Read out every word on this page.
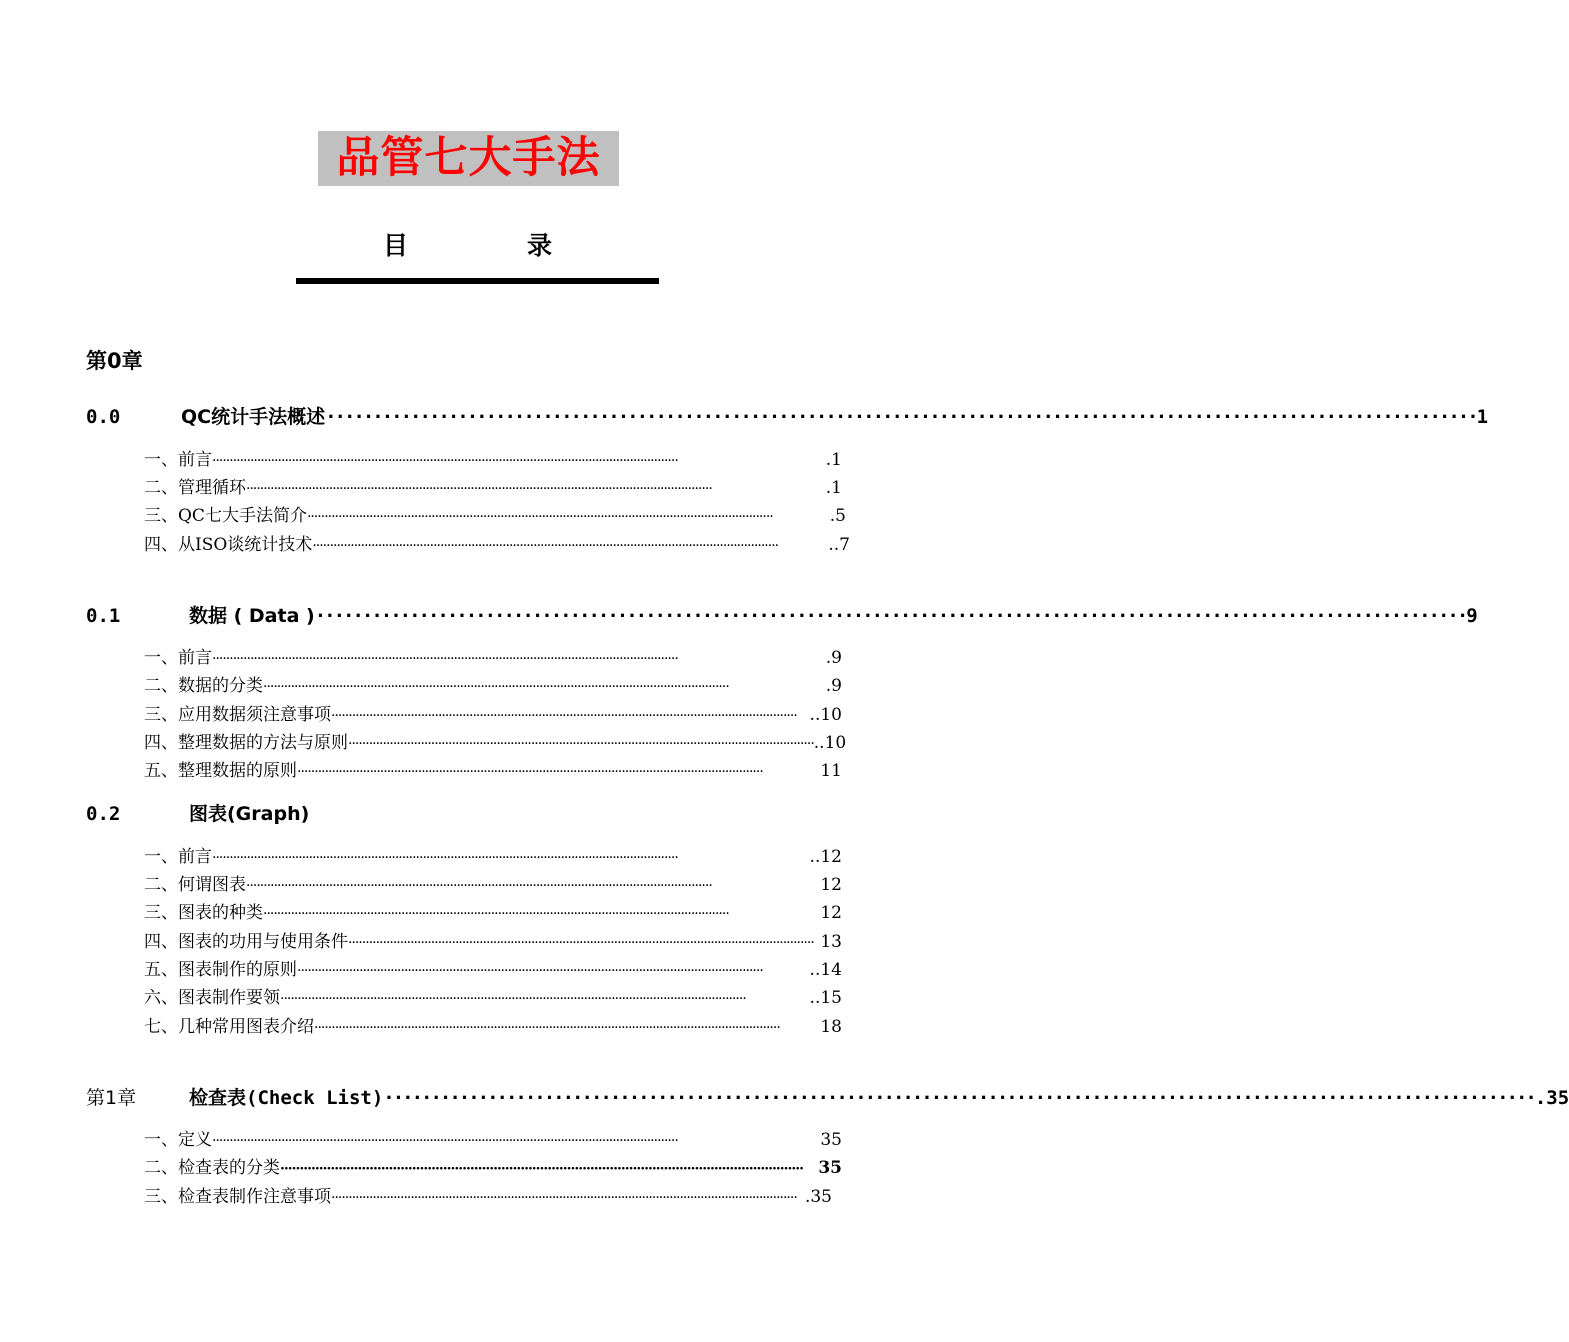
品管七大手法
目	录
第0章
0.0	QC统计手法概述 ·························································································································· 1
一、前言 ·······································································································································	.1
二、管理循环 ·······································································································································	.1
三、QC七大手法简介 ·······································································································································	.5
四、从ISO谈统计技术 ·······································································································································	..7
0.1	数据 ( Data ) ·························································································································· 9
一、前言 ·······································································································································	.9
二、数据的分类 ·······································································································································	.9
三、应用数据须注意事项 ······································································································································· ..10
四、整理数据的方法与原则 ······································································································································· ..10
五、整理数据的原则 ·······································································································································	11
0.2	图表(Graph)
一、前言 ·······································································································································	..12
二、何谓图表 ·······································································································································	12
三、图表的种类 ·······································································································································	12
四、图表的功用与使用条件 ······································································································································· 13
五、图表制作的原则 ·······································································································································	..14
六、图表制作要领 ·······································································································································	..15
七、几种常用图表介绍 ·······································································································································	18
第1章	检查表(Check List) ·························································································································· .35
一、定义 ·······································································································································	35
二、检查表的分类 ······································································································································· 35
三、检查表制作注意事项 ······································································································································· .35
